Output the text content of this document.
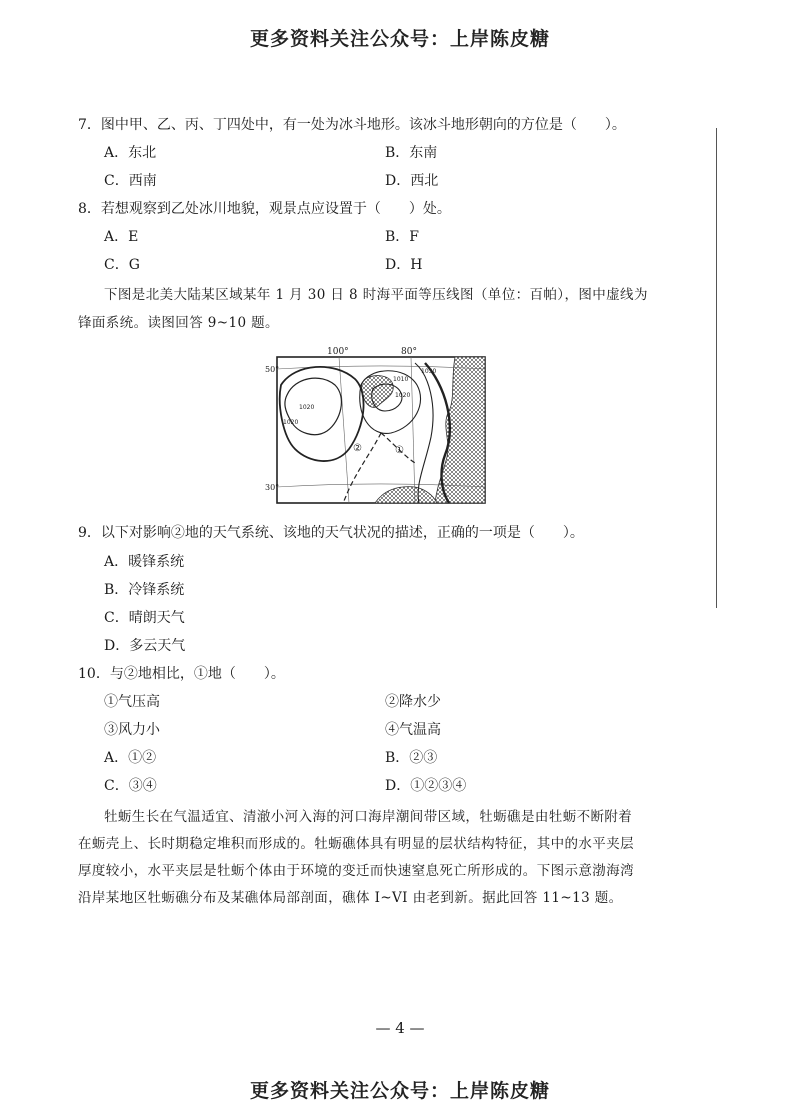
更多资料关注公众号：上岸陈皮糖
7．图中甲、乙、丙、丁四处中，有一处为冰斗地形。该冰斗地形朝向的方位是（　　）。
A．东北	B．东南
C．西南	D．西北
8．若想观察到乙处冰川地貌，观景点应设置于（　　）处。
A．E	B．F
C．G	D．H
下图是北美大陆某区域某年 1 月 30 日 8 时海平面等压线图（单位：百帕），图中虚线为
锋面系统。读图回答 9~10 题。
100°	80°
50°
30°
1020
1010
1030
1020
1020
②	①
9．以下对影响②地的天气系统、该地的天气状况的描述，正确的一项是（　　）。
A．暖锋系统
B．冷锋系统
C．晴朗天气
D．多云天气
10．与②地相比，①地（　　）。
①气压高	②降水少
③风力小	④气温高
A．①②	B．②③
C．③④	D．①②③④
牡蛎生长在气温适宜、清澈小河入海的河口海岸潮间带区域，牡蛎礁是由牡蛎不断附着
在蛎壳上、长时期稳定堆积而形成的。牡蛎礁体具有明显的层状结构特征，其中的水平夹层
厚度较小，水平夹层是牡蛎个体由于环境的变迁而快速窒息死亡所形成的。下图示意渤海湾
沿岸某地区牡蛎礁分布及某礁体局部剖面，礁体 I~VI 由老到新。据此回答 11~13 题。
— 4 —
更多资料关注公众号：上岸陈皮糖
